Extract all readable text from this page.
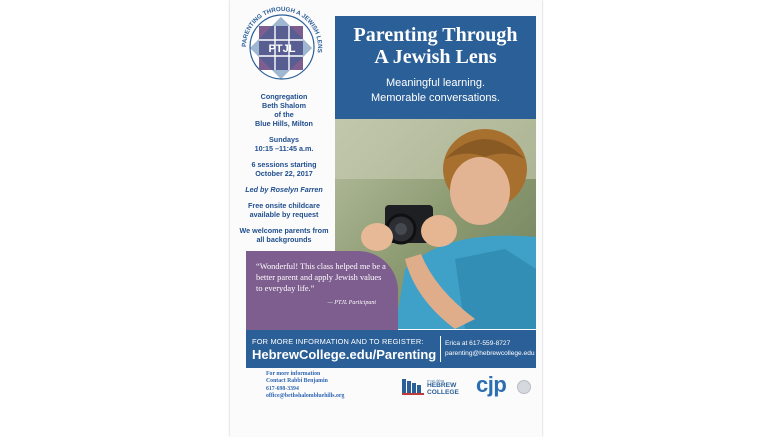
PARENTING THROUGH A JEWISH LENS
PTJL
Congregation
Beth Shalom
of the
Blue Hills, Milton
Sundays
10:15 –11:45 a.m.
6 sessions starting
October 22, 2017
Led by Roselyn Farren
Free onsite childcare
available by request
We welcome parents from
all backgrounds
Parenting Through
A Jewish Lens
Meaningful learning.
Memorable conversations.
“Wonderful! This class helped me be a better parent and apply Jewish values to everyday life.”
— PTJL Participant
FOR MORE INFORMATION AND TO REGISTER:
HebrewCollege.edu/Parenting
Erica at 617-559-8727
parenting@hebrewcollege.edu
For more information
Contact Rabbi Benjamin
617-698-3394
office@bethshalombluehills.org
מכללה עברית
HEBREW
COLLEGE cjp
